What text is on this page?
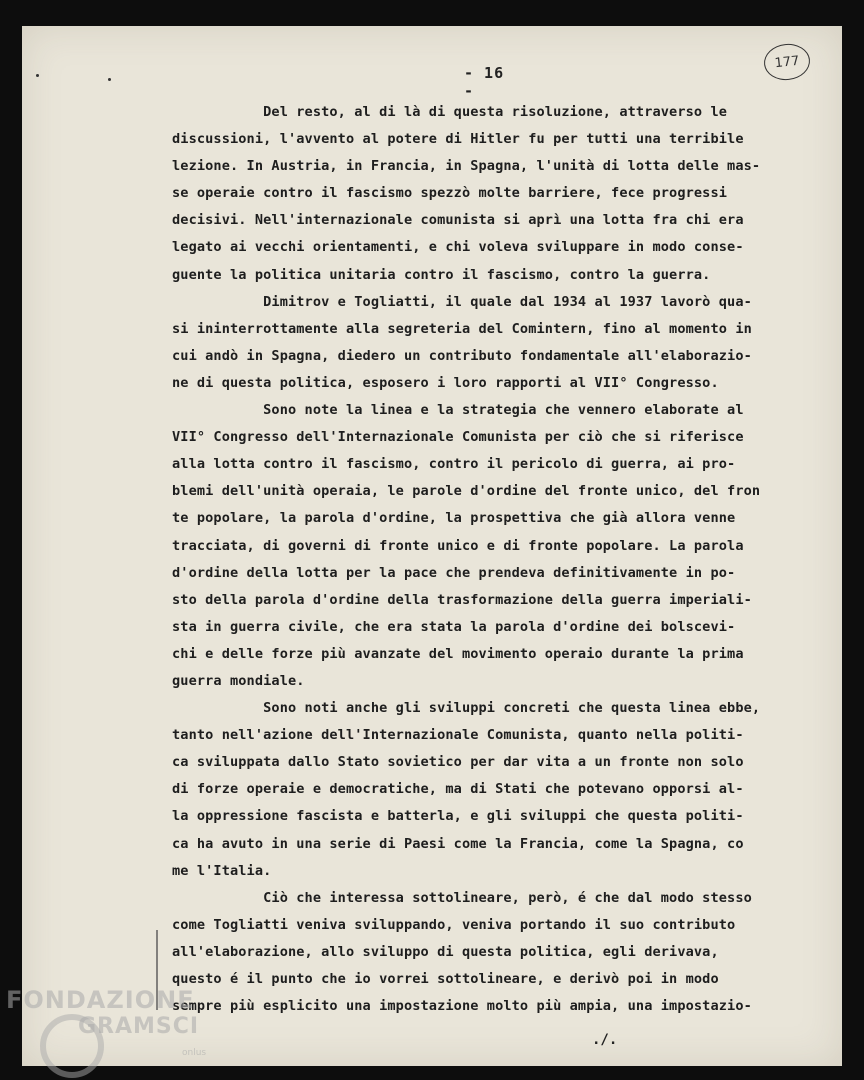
- 16 -
177
Del resto, al di là di questa risoluzione, attraverso le
discussioni, l'avvento al potere di Hitler fu per tutti una terribile
lezione. In Austria, in Francia, in Spagna, l'unità di lotta delle mas-
se operaie contro il fascismo spezzò molte barriere, fece progressi
decisivi. Nell'internazionale comunista si aprì una lotta fra chi era
legato ai vecchi orientamenti, e chi voleva sviluppare in modo conse-
guente la politica unitaria contro il fascismo, contro la guerra.
Dimitrov e Togliatti, il quale dal 1934 al 1937 lavorò qua-
si ininterrottamente alla segreteria del Comintern, fino al momento in
cui andò in Spagna, diedero un contributo fondamentale all'elaborazio-
ne di questa politica, esposero i loro rapporti al VII° Congresso.
Sono note la linea e la strategia che vennero elaborate al
VII° Congresso dell'Internazionale Comunista per ciò che si riferisce
alla lotta contro il fascismo, contro il pericolo di guerra, ai pro-
blemi dell'unità operaia, le parole d'ordine del fronte unico, del fron
te popolare, la parola d'ordine, la prospettiva che già allora venne
tracciata, di governi di fronte unico e di fronte popolare. La parola
d'ordine della lotta per la pace che prendeva definitivamente in po-
sto della parola d'ordine della trasformazione della guerra imperiali-
sta in guerra civile, che era stata la parola d'ordine dei bolscevi-
chi e delle forze più avanzate del movimento operaio durante la prima
guerra mondiale.
Sono noti anche gli sviluppi concreti che questa linea ebbe,
tanto nell'azione dell'Internazionale Comunista, quanto nella politi-
ca sviluppata dallo Stato sovietico per dar vita a un fronte non solo
di forze operaie e democratiche, ma di Stati che potevano opporsi al-
la oppressione fascista e batterla, e gli sviluppi che questa politi-
ca ha avuto in una serie di Paesi come la Francia, come la Spagna, co
me l'Italia.
Ciò che interessa sottolineare, però, é che dal modo stesso
come Togliatti veniva sviluppando, veniva portando il suo contributo
all'elaborazione, allo sviluppo di questa politica, egli derivava,
questo é il punto che io vorrei sottolineare, e derivò poi in modo
sempre più esplicito una impostazione molto più ampia, una impostazio-
./.
FONDAZIONE
GRAMSCI
onlus
